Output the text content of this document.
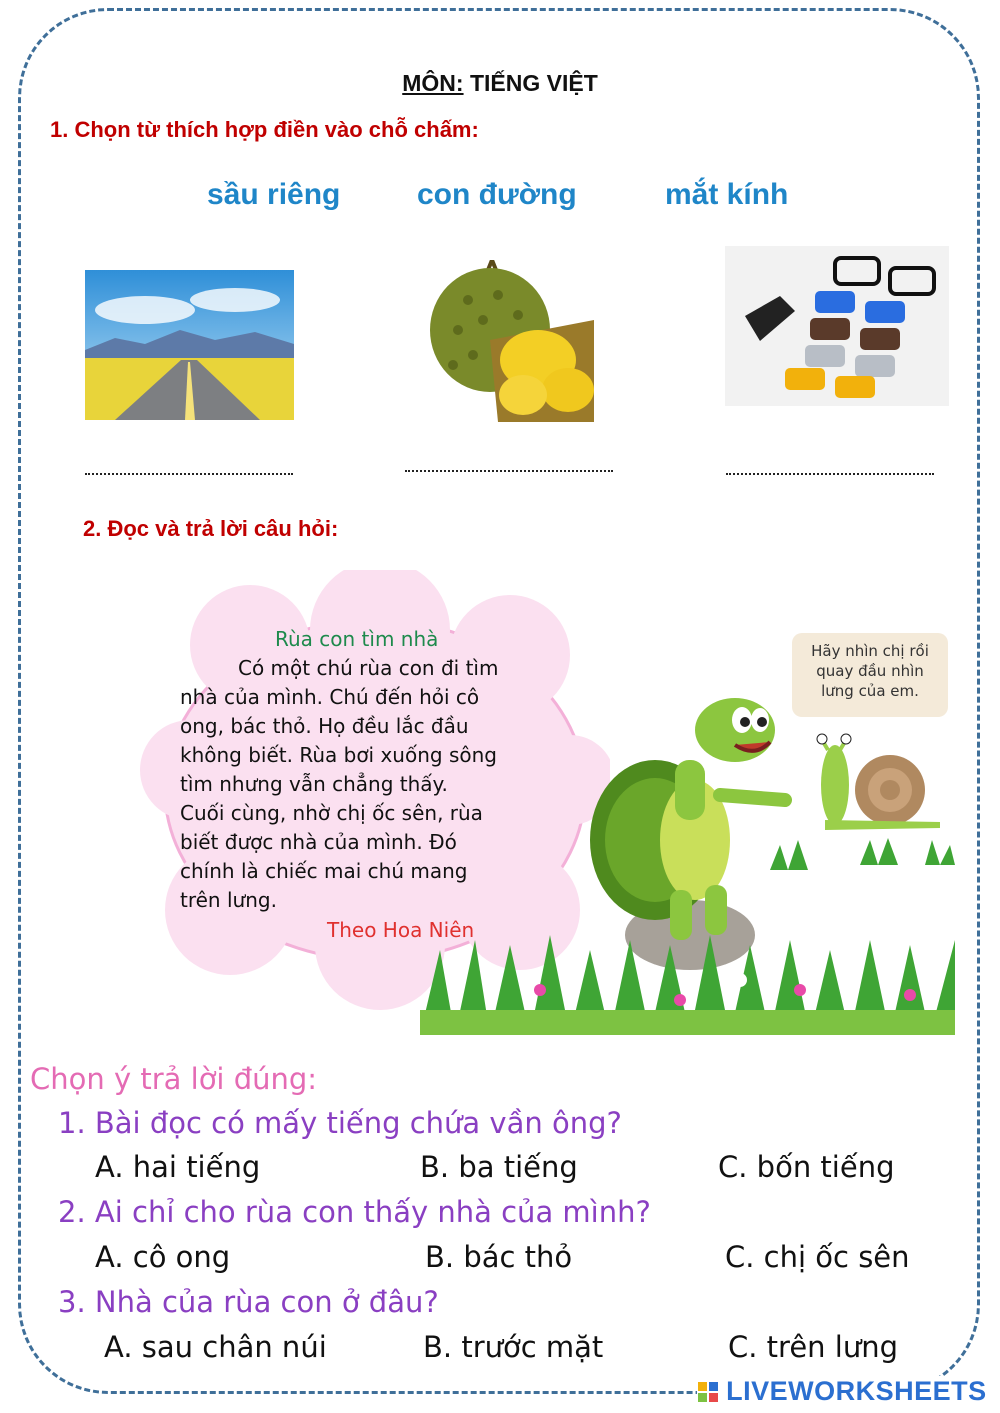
MÔN: TIẾNG VIỆT
1. Chọn từ thích hợp điền vào chỗ chấm:
sầu riêng	con đường	mắt kính
2. Đọc và trả lời câu hỏi:
Rùa con tìm nhà
Có một chú rùa con đi tìm
nhà của mình. Chú đến hỏi cô
ong, bác thỏ. Họ đều lắc đầu
không biết. Rùa bơi xuống sông
tìm nhưng vẫn chẳng thấy.
Cuối cùng, nhờ chị ốc sên, rùa
biết được nhà của mình. Đó
chính là chiếc mai chú mang
trên lưng.
Theo Hoa Niên
Hãy nhìn chị rồi
quay đầu nhìn
lưng của em.
Chọn ý trả lời đúng:
1. Bài đọc có mấy tiếng chứa vần ông?
A. hai tiếng	B. ba tiếng	C. bốn tiếng
2. Ai chỉ cho rùa con thấy nhà của mình?
A. cô ong	B. bác thỏ	C. chị ốc sên
3. Nhà của rùa con ở đâu?
A. sau chân núi	B. trước mặt	C. trên lưng
LIVEWORKSHEETS
